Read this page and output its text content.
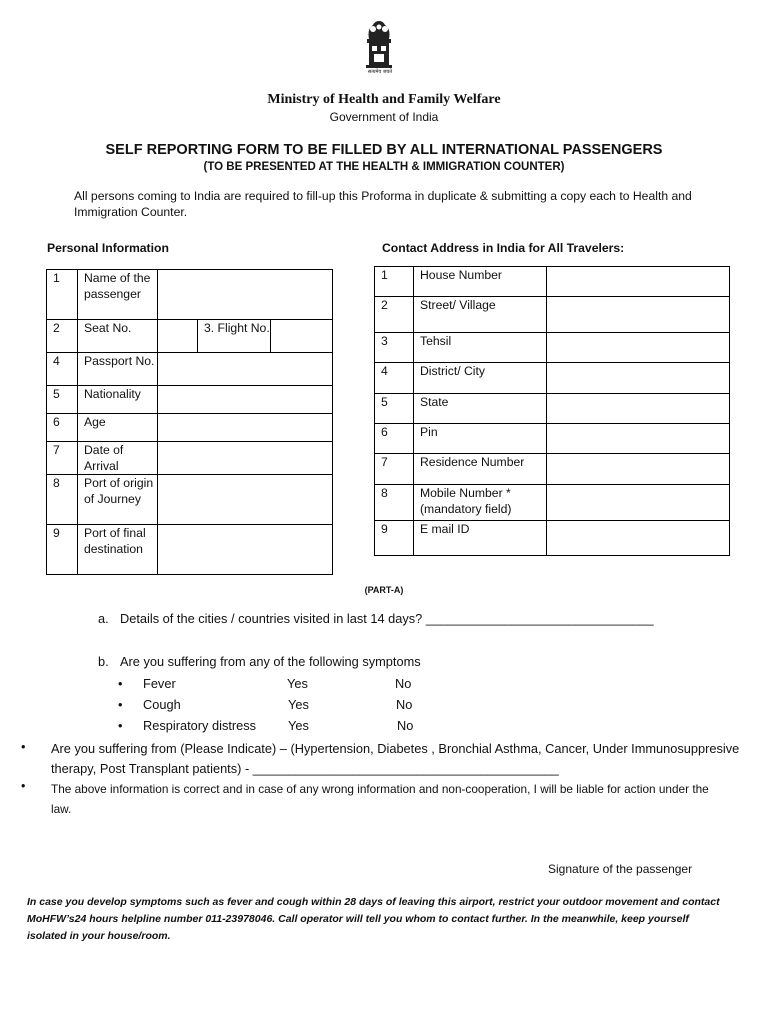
सत्यमेव जयते
Ministry of Health and Family Welfare
Government of India
SELF REPORTING FORM TO BE FILLED BY ALL INTERNATIONAL PASSENGERS
(TO BE PRESENTED AT THE HEALTH & IMMIGRATION COUNTER)
All persons coming to India are required to fill-up this Proforma in duplicate & submitting a copy each to Health and Immigration Counter.
Personal Information	Contact Address in India for All Travelers:
1	Name of the passenger			
2	Seat No.		3. Flight No.	
4	Passport No.			
5	Nationality			
6	Age			
7	Date of Arrival			
8	Port of origin of Journey			
9	Port of final destination			
1	House Number	
2	Street/ Village	
3	Tehsil	
4	District/ City	
5	State	
6	Pin	
7	Residence Number	
8	Mobile Number * (mandatory field)	
9	E mail ID	
(PART-A)
a. Details of the cities / countries visited in last 14 days? ________________________________
b. Are you suffering from any of the following symptoms
• Fever	Yes	No
• Cough	Yes	No
• Respiratory distress Yes	No
• Are you suffering from (Please Indicate) – (Hypertension, Diabetes , Bronchial Asthma, Cancer, Under Immunosuppresive therapy, Post Transplant patients) - ___________________________________________
• The above information is correct and in case of any wrong information and non-cooperation, I will be liable for action under the law.
Signature of the passenger
In case you develop symptoms such as fever and cough within 28 days of leaving this airport, restrict your outdoor movement and contact MoHFW’s24 hours helpline number 011-23978046. Call operator will tell you whom to contact further. In the meanwhile, keep yourself isolated in your house/room.
